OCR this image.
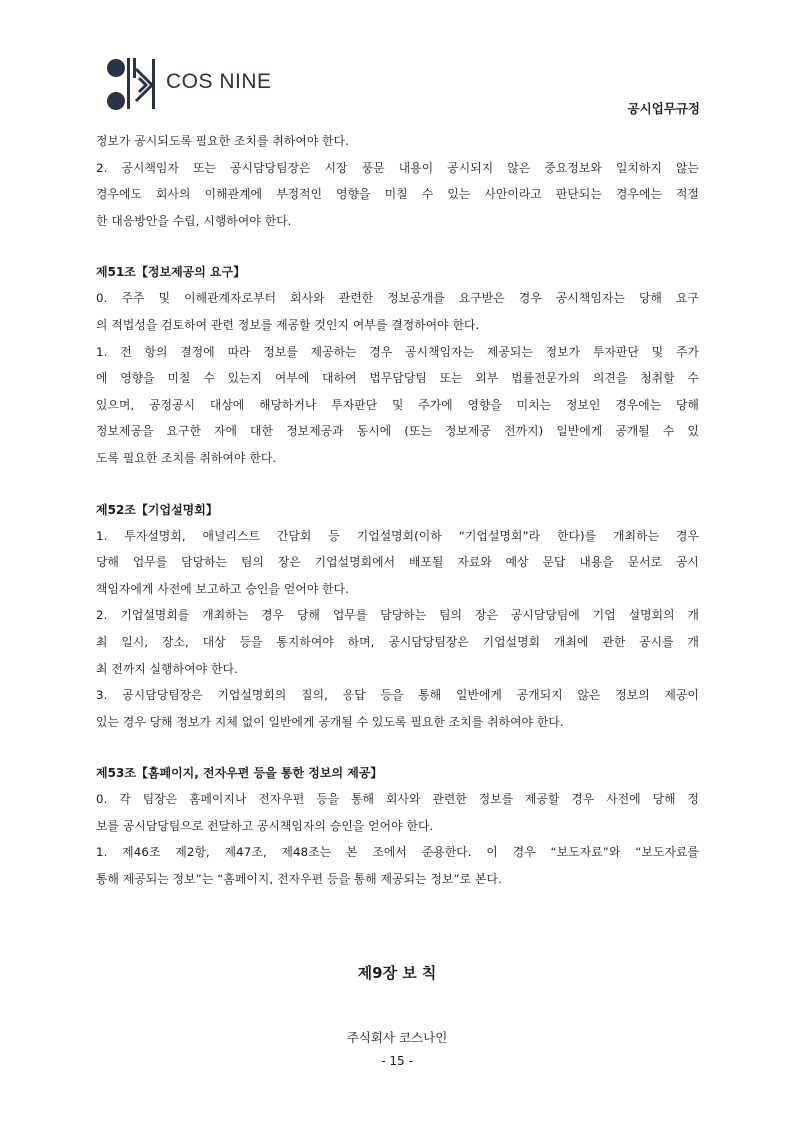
COS NINE
공시업무규정
정보가 공시되도록 필요한 조치를 취하여야 한다.
2. 공시책임자 또는 공시담당팀장은 시장 풍문 내용이 공시되지 않은 중요정보와 일치하지 않는
경우에도 회사의 이해관계에 부정적인 영향을 미칠 수 있는 사안이라고 판단되는 경우에는 적절
한 대응방안을 수립, 시행하여야 한다.
제51조【정보제공의 요구】
0. 주주 및 이해관계자로부터 회사와 관련한 정보공개를 요구받은 경우 공시책임자는 당해 요구
의 적법성을 검토하여 관련 정보를 제공할 것인지 여부를 결정하여야 한다.
1. 전 항의 결정에 따라 정보를 제공하는 경우 공시책임자는 제공되는 정보가 투자판단 및 주가
에 영향을 미칠 수 있는지 여부에 대하여 법무담당팀 또는 외부 법률전문가의 의견을 청취할 수
있으며, 공정공시 대상에 해당하거나 투자판단 및 주가에 영향을 미치는 정보인 경우에는 당해
정보제공을 요구한 자에 대한 정보제공과 동시에 (또는 정보제공 전까지) 일반에게 공개될 수 있
도록 필요한 조치를 취하여야 한다.
제52조【기업설명회】
1. 투자설명회, 애널리스트 간담회 등 기업설명회(이하 “기업설명회”라 한다)를 개최하는 경우
당해 업무를 담당하는 팀의 장은 기업설명회에서 배포될 자료와 예상 문답 내용을 문서로 공시
책임자에게 사전에 보고하고 승인을 얻어야 한다.
2. 기업설명회를 개최하는 경우 당해 업무를 담당하는 팀의 장은 공시담당팀에 기업 설명회의 개
최 일시, 장소, 대상 등을 통지하여야 하며, 공시담당팀장은 기업설명회 개최에 관한 공시를 개
최 전까지 실행하여야 한다.
3. 공시담당팀장은 기업설명회의 질의, 응답 등을 통해 일반에게 공개되지 않은 정보의 제공이
있는 경우 당해 정보가 지체 없이 일반에게 공개될 수 있도록 필요한 조치를 취하여야 한다.
제53조【홈페이지, 전자우편 등을 통한 정보의 제공】
0. 각 팀장은 홈페이지나 전자우편 등을 통해 회사와 관련한 정보를 제공할 경우 사전에 당해 정
보를 공시담당팀으로 전달하고 공시책임자의 승인을 얻어야 한다.
1. 제46조 제2항, 제47조, 제48조는 본 조에서 준용한다. 이 경우 “보도자료”와 “보도자료를
통해 제공되는 정보”는 “홈페이지, 전자우편 등을 통해 제공되는 정보”로 본다.
제9장 보 칙
주식회사 코스나인
- 15 -
